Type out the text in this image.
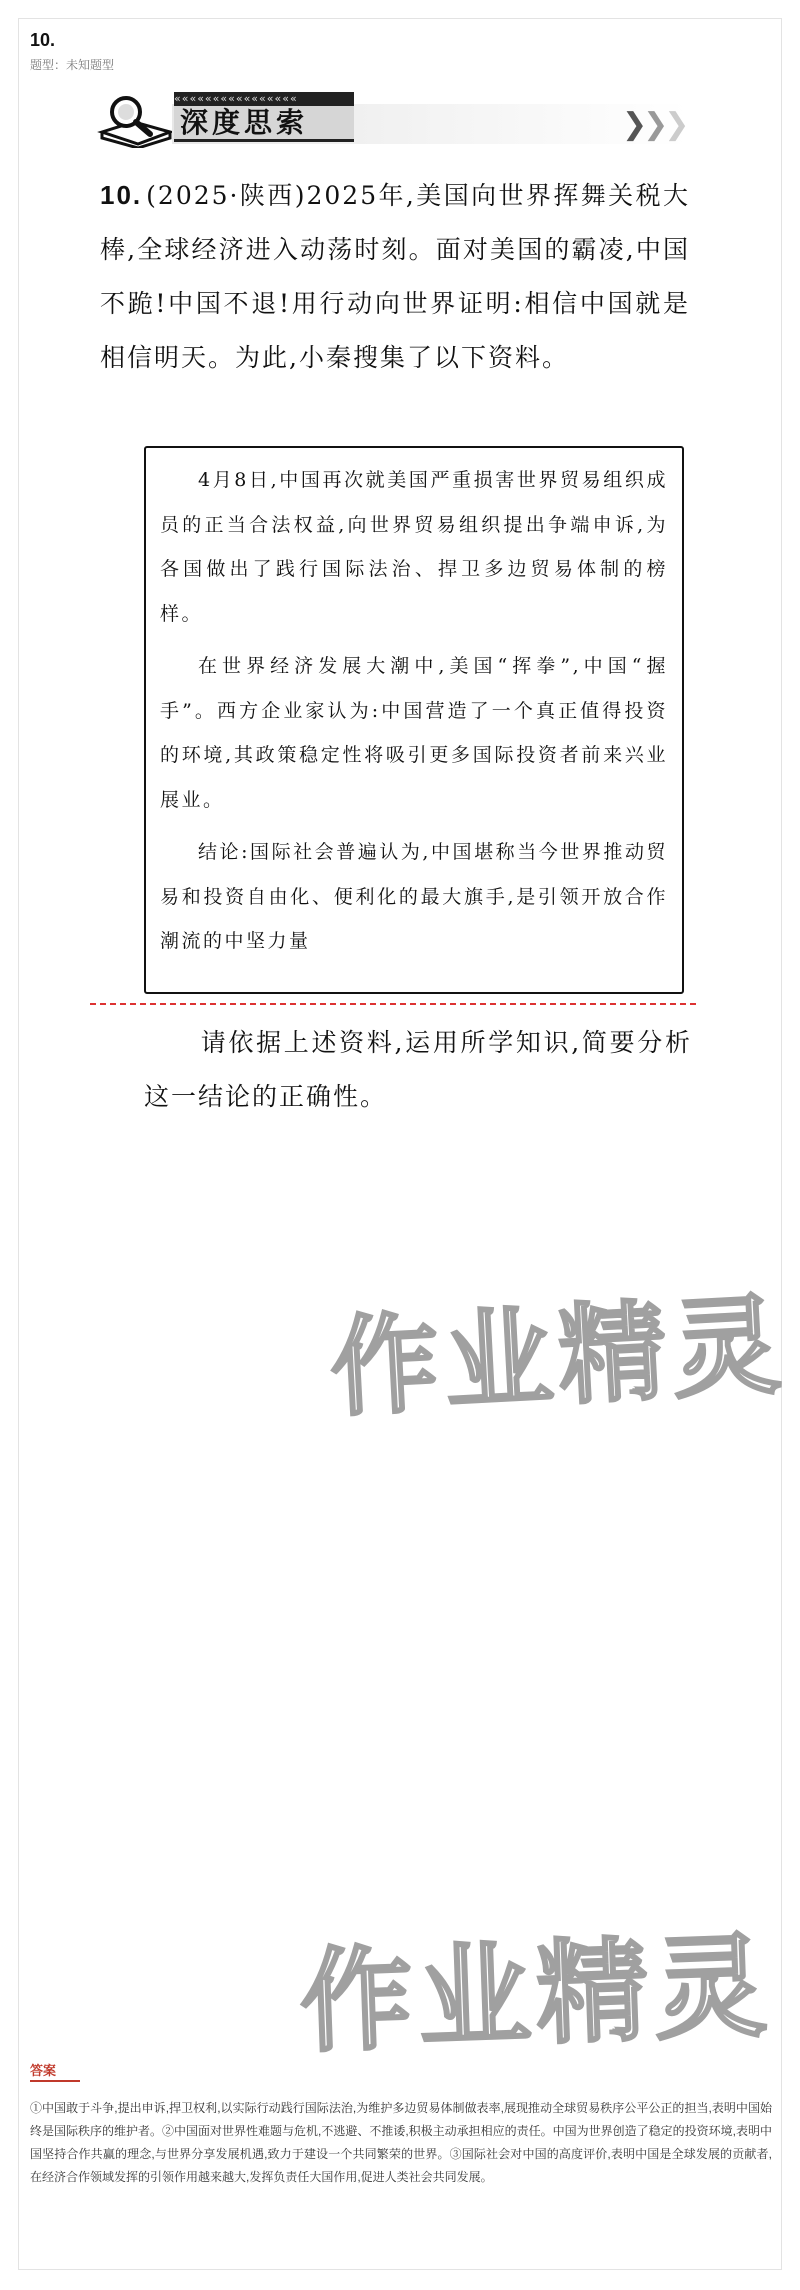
10.
题型：未知题型
««««««««««««««««
深度思索	❯❯❯
10. (2025·陕西)2025年,美国向世界挥舞关税大棒,全球经济进入动荡时刻。面对美国的霸凌,中国不跪!中国不退!用行动向世界证明:相信中国就是相信明天。为此,小秦搜集了以下资料。

4月8日,中国再次就美国严重损害世界贸易组织成员的正当合法权益,向世界贸易组织提出争端申诉,为各国做出了践行国际法治、捍卫多边贸易体制的榜样。

在世界经济发展大潮中,美国“挥拳”,中国“握手”。西方企业家认为:中国营造了一个真正值得投资的环境,其政策稳定性将吸引更多国际投资者前来兴业展业。

结论:国际社会普遍认为,中国堪称当今世界推动贸易和投资自由化、便利化的最大旗手,是引领开放合作潮流的中坚力量

请依据上述资料,运用所学知识,简要分析这一结论的正确性。
作业精灵
作业精灵
答案
①中国敢于斗争,提出申诉,捍卫权利,以实际行动践行国际法治,为维护多边贸易体制做表率,展现推动全球贸易秩序公平公正的担当,表明中国始终是国际秩序的维护者。②中国面对世界性难题与危机,不逃避、不推诿,积极主动承担相应的责任。中国为世界创造了稳定的投资环境,表明中国坚持合作共赢的理念,与世界分享发展机遇,致力于建设一个共同繁荣的世界。③国际社会对中国的高度评价,表明中国是全球发展的贡献者,在经济合作领域发挥的引领作用越来越大,发挥负责任大国作用,促进人类社会共同发展。
